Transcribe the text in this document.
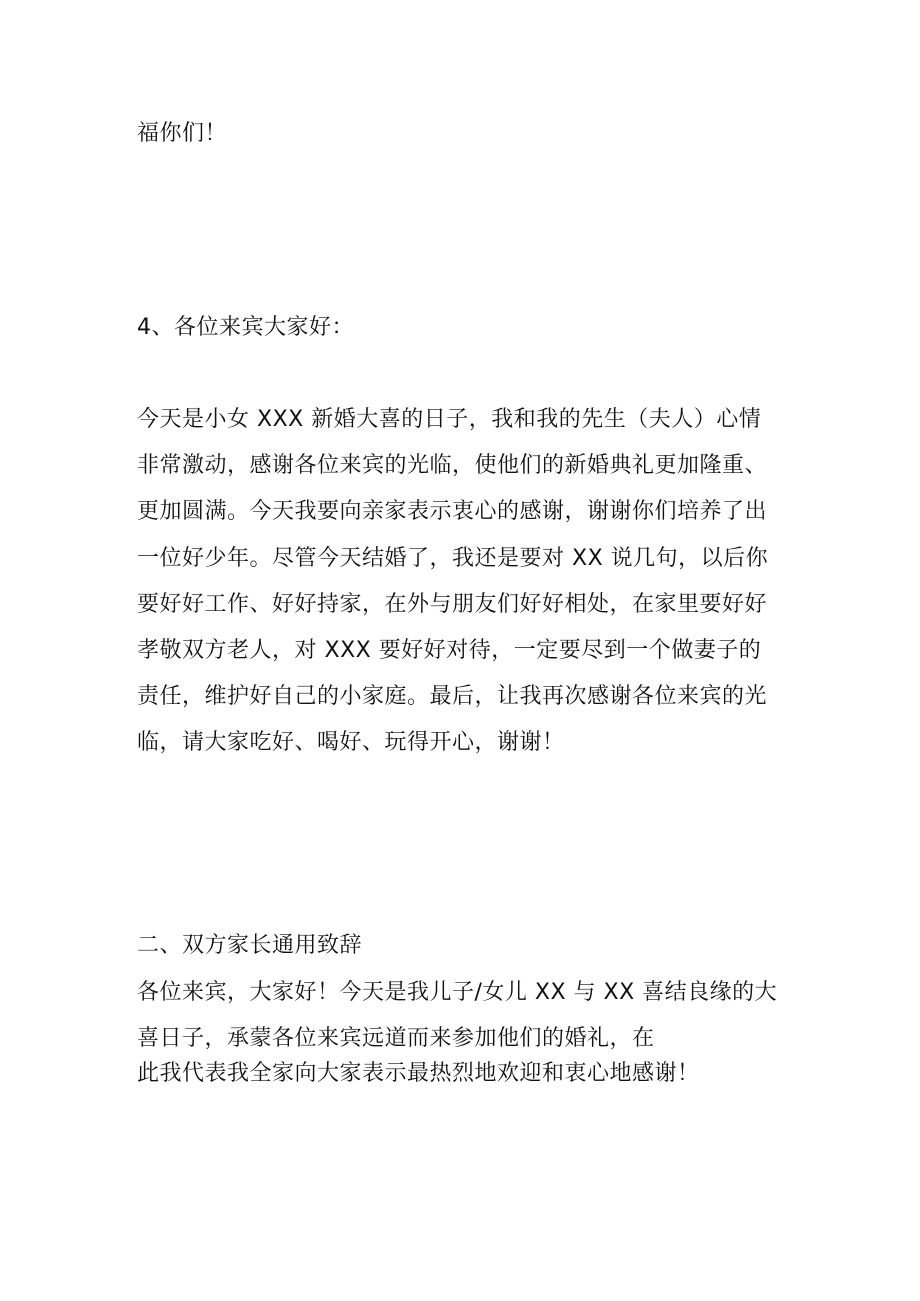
福你们！
4、各位来宾大家好：
今天是小女 XXX 新婚大喜的日子，我和我的先生（夫人）心情
非常激动，感谢各位来宾的光临，使他们的新婚典礼更加隆重、
更加圆满。今天我要向亲家表示衷心的感谢，谢谢你们培养了出
一位好少年。尽管今天结婚了，我还是要对 XX 说几句，以后你
要好好工作、好好持家，在外与朋友们好好相处，在家里要好好
孝敬双方老人，对 XXX 要好好对待，一定要尽到一个做妻子的
责任，维护好自己的小家庭。最后，让我再次感谢各位来宾的光
临，请大家吃好、喝好、玩得开心，谢谢！
二、双方家长通用致辞
各位来宾，大家好！今天是我儿子/女儿 XX 与 XX 喜结良缘的大
喜日子，承蒙各位来宾远道而来参加他们的婚礼，在
此我代表我全家向大家表示最热烈地欢迎和衷心地感谢！
